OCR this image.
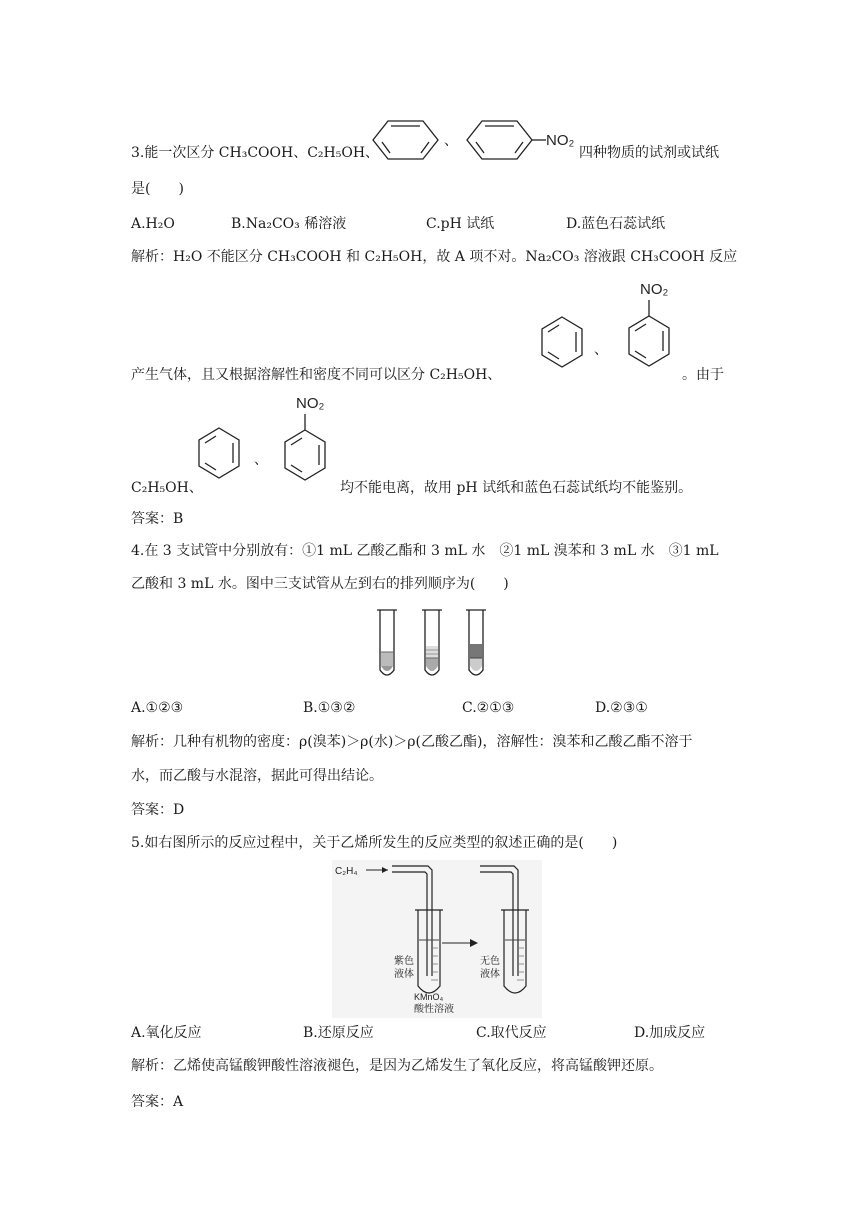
3.能一次区分 CH₃COOH、C₂H₅OH、
、	NO₂
四种物质的试剂或试纸
是(　　)
A.H₂O	B.Na₂CO₃ 稀溶液	C.pH 试纸	D.蓝色石蕊试纸
解析：H₂O 不能区分 CH₃COOH 和 C₂H₅OH，故 A 项不对。Na₂CO₃ 溶液跟 CH₃COOH 反应
产生气体，且又根据溶解性和密度不同可以区分 C₂H₅OH、
、
NO₂
。由于
C₂H₅OH、
、
NO₂
均不能电离，故用 pH 试纸和蓝色石蕊试纸均不能鉴别。
答案：B
4.在 3 支试管中分别放有：①1 mL 乙酸乙酯和 3 mL 水　②1 mL 溴苯和 3 mL 水　③1 mL
乙酸和 3 mL 水。图中三支试管从左到右的排列顺序为(　　)
A.①②③	B.①③②	C.②①③	D.②③①
解析：几种有机物的密度：ρ(溴苯)＞ρ(水)＞ρ(乙酸乙酯)，溶解性：溴苯和乙酸乙酯不溶于
水，而乙酸与水混溶，据此可得出结论。
答案：D
5.如右图所示的反应过程中，关于乙烯所发生的反应类型的叙述正确的是(　　)
C₂H₄
紫色
液体
KMnO₄
酸性溶液
无色
液体
A.氧化反应	B.还原反应	C.取代反应	D.加成反应
解析：乙烯使高锰酸钾酸性溶液褪色，是因为乙烯发生了氧化反应，将高锰酸钾还原。
答案：A
